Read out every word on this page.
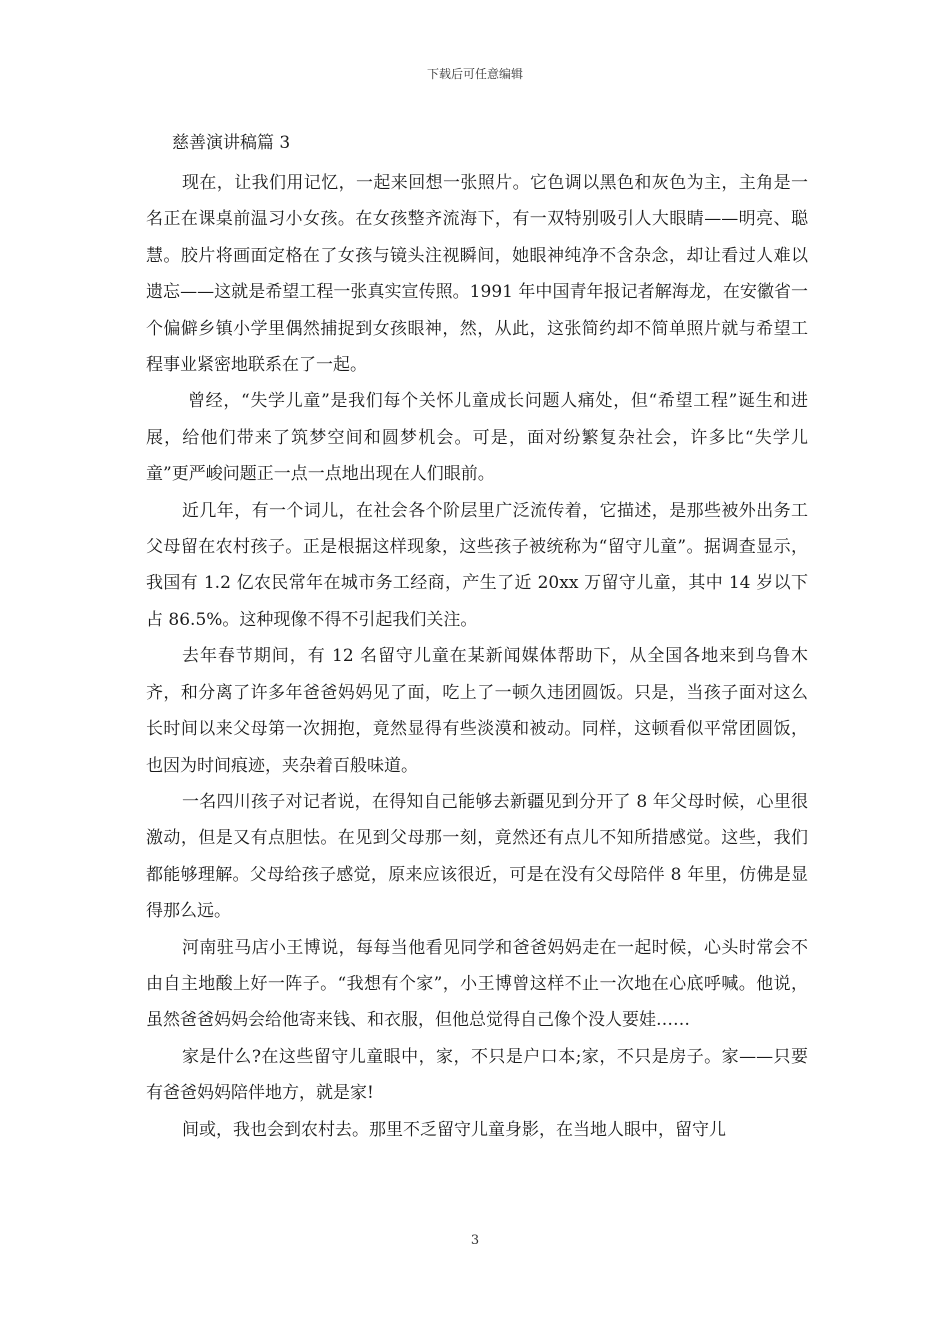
下载后可任意编辑
慈善演讲稿篇 3

现在，让我们用记忆，一起来回想一张照片。它色调以黑色和灰色为主，主角是一名正在课桌前温习小女孩。在女孩整齐流海下，有一双特别吸引人大眼睛——明亮、聪慧。胶片将画面定格在了女孩与镜头注视瞬间，她眼神纯净不含杂念，却让看过人难以遗忘——这就是希望工程一张真实宣传照。1991 年中国青年报记者解海龙，在安徽省一个偏僻乡镇小学里偶然捕捉到女孩眼神，然，从此，这张简约却不简单照片就与希望工程事业紧密地联系在了一起。

曾经，“失学儿童”是我们每个关怀儿童成长问题人痛处，但“希望工程”诞生和进展，给他们带来了筑梦空间和圆梦机会。可是，面对纷繁复杂社会，许多比“失学儿童”更严峻问题正一点一点地出现在人们眼前。

近几年，有一个词儿，在社会各个阶层里广泛流传着，它描述，是那些被外出务工父母留在农村孩子。正是根据这样现象，这些孩子被统称为“留守儿童”。据调查显示，我国有 1.2 亿农民常年在城市务工经商，产生了近 20xx 万留守儿童，其中 14 岁以下占 86.5%。这种现像不得不引起我们关注。

去年春节期间，有 12 名留守儿童在某新闻媒体帮助下，从全国各地来到乌鲁木齐，和分离了许多年爸爸妈妈见了面，吃上了一顿久违团圆饭。只是，当孩子面对这么长时间以来父母第一次拥抱，竟然显得有些淡漠和被动。同样，这顿看似平常团圆饭，也因为时间痕迹，夹杂着百般味道。

一名四川孩子对记者说，在得知自己能够去新疆见到分开了 8 年父母时候，心里很激动，但是又有点胆怯。在见到父母那一刻，竟然还有点儿不知所措感觉。这些，我们都能够理解。父母给孩子感觉，原来应该很近，可是在没有父母陪伴 8 年里，仿佛是显得那么远。

河南驻马店小王博说，每每当他看见同学和爸爸妈妈走在一起时候，心头时常会不由自主地酸上好一阵子。“我想有个家”，小王博曾这样不止一次地在心底呼喊。他说，虽然爸爸妈妈会给他寄来钱、和衣服，但他总觉得自己像个没人要娃……

家是什么?在这些留守儿童眼中，家，不只是户口本;家，不只是房子。家——只要有爸爸妈妈陪伴地方，就是家!

间或，我也会到农村去。那里不乏留守儿童身影，在当地人眼中，留守儿

3
